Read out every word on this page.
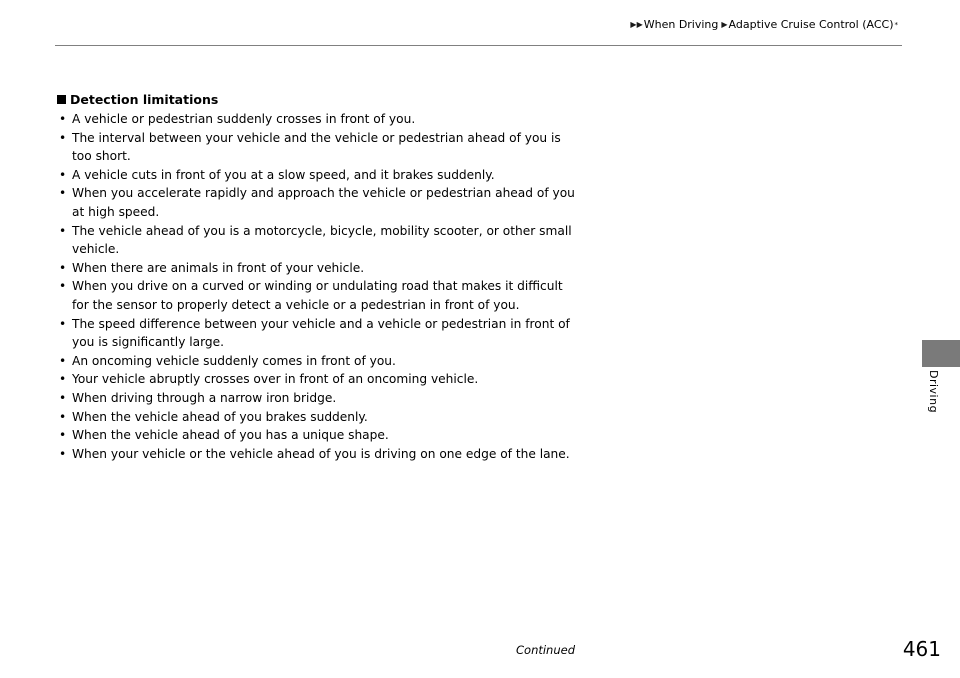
▶▶ When Driving ▶ Adaptive Cruise Control (ACC) *
Detection limitations
• A vehicle or pedestrian suddenly crosses in front of you.
• The interval between your vehicle and the vehicle or pedestrian ahead of you is
too short.
• A vehicle cuts in front of you at a slow speed, and it brakes suddenly.
• When you accelerate rapidly and approach the vehicle or pedestrian ahead of you
at high speed.
• The vehicle ahead of you is a motorcycle, bicycle, mobility scooter, or other small
vehicle.
• When there are animals in front of your vehicle.
• When you drive on a curved or winding or undulating road that makes it difficult
for the sensor to properly detect a vehicle or a pedestrian in front of you.
• The speed difference between your vehicle and a vehicle or pedestrian in front of
you is significantly large.
• An oncoming vehicle suddenly comes in front of you.
• Your vehicle abruptly crosses over in front of an oncoming vehicle.
• When driving through a narrow iron bridge.
• When the vehicle ahead of you brakes suddenly.
• When the vehicle ahead of you has a unique shape.
• When your vehicle or the vehicle ahead of you is driving on one edge of the lane.
Driving
Continued	461
